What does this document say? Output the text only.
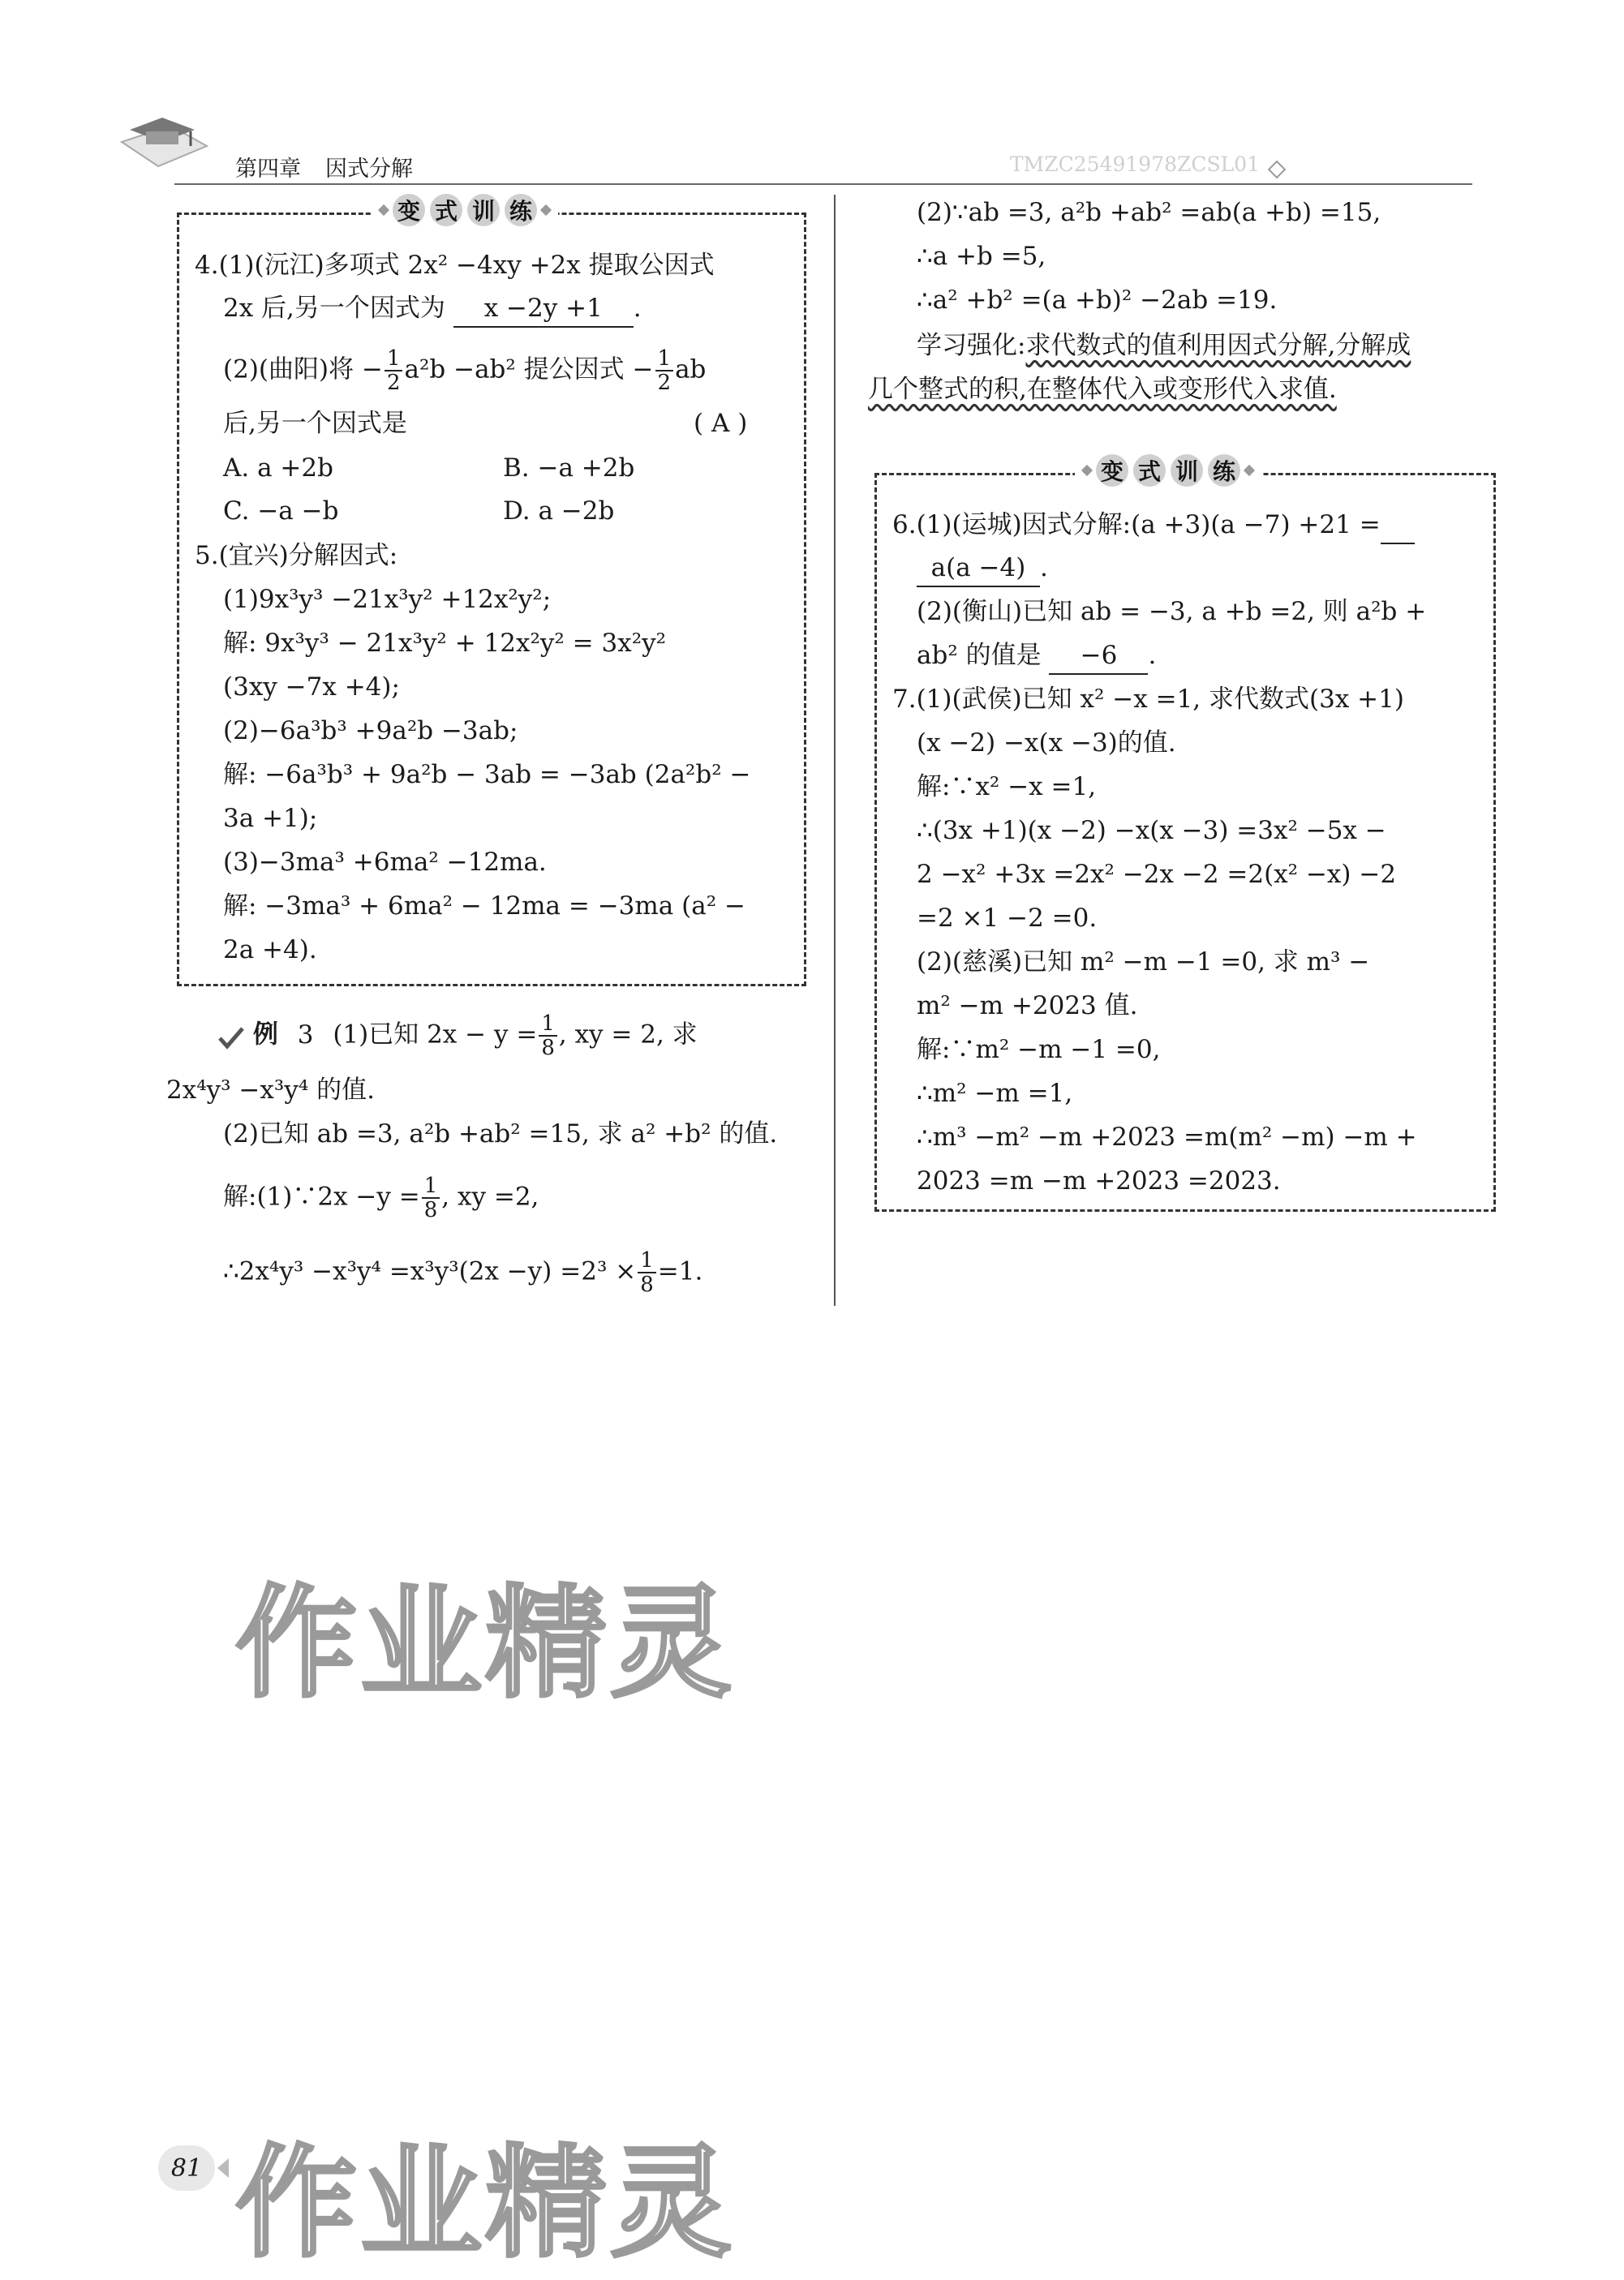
第四章 因式分解	TMZC25491978ZCSL01
变 式 训 练
4.(1)(沅江)多项式 2x² −4xy +2x 提取公因式
2x 后,另一个因式为 x −2y +1 .
(2)(曲阳)将 − $\frac{1}{2} a^2b -ab^2$ 提公因式 − $\frac{1}{2}$ ab
后,另一个因式是	( A )
A. a +2b	B. −a +2b
C. −a −b	D. a −2b
5.(宜兴)分解因式:
(1)9x³y³ −21x³y² +12x²y²;
解: 9x³y³ − 21x³y² + 12x²y² = 3x²y²
(3xy −7x +4);
(2)−6a³b³ +9a²b −3ab;
解: −6a³b³ + 9a²b − 3ab = −3ab (2a²b² −
3a +1);
(3)−3ma³ +6ma² −12ma.
解: −3ma³ + 6ma² − 12ma = −3ma (a² −
2a +4).
例 3 (1)已知 $2x - y = \frac{1}{8}$ , xy = 2, 求
2x⁴y³ −x³y⁴ 的值.
(2)已知 ab =3, a²b +ab² =15, 求 a² +b² 的值.
解:(1)∵2x $-y = \frac{1}{8}$ , xy =2,
∴2x⁴y³ $-x^3y^4 =x^3y^3(2x -y) =2^3 \times \frac{1}{8} =1$.
(2)∵ab =3, a²b +ab² =ab(a +b) =15,
∴a +b =5,
∴a² +b² =(a +b)² −2ab =19.
学习强化:求代数式的值利用因式分解,分解成
几个整式的积,在整体代入或变形代入求值.
变 式 训 练
6.(1)(运城)因式分解:(a +3)(a −7) +21 =
a(a −4) .
(2)(衡山)已知 ab = −3, a +b =2, 则 a²b +
ab² 的值是 −6 .
7.(1)(武侯)已知 x² −x =1, 求代数式(3x +1)
(x −2) −x(x −3)的值.
解:∵x² −x =1,
∴(3x +1)(x −2) −x(x −3) =3x² −5x −
2 −x² +3x =2x² −2x −2 =2(x² −x) −2
=2 ×1 −2 =0.
(2)(慈溪)已知 m² −m −1 =0, 求 m³ −
m² −m +2023 值.
解:∵m² −m −1 =0,
∴m² −m =1,
∴m³ −m² −m +2023 =m(m² −m) −m +
2023 =m −m +2023 =2023.
作业精灵
作业精灵
81
